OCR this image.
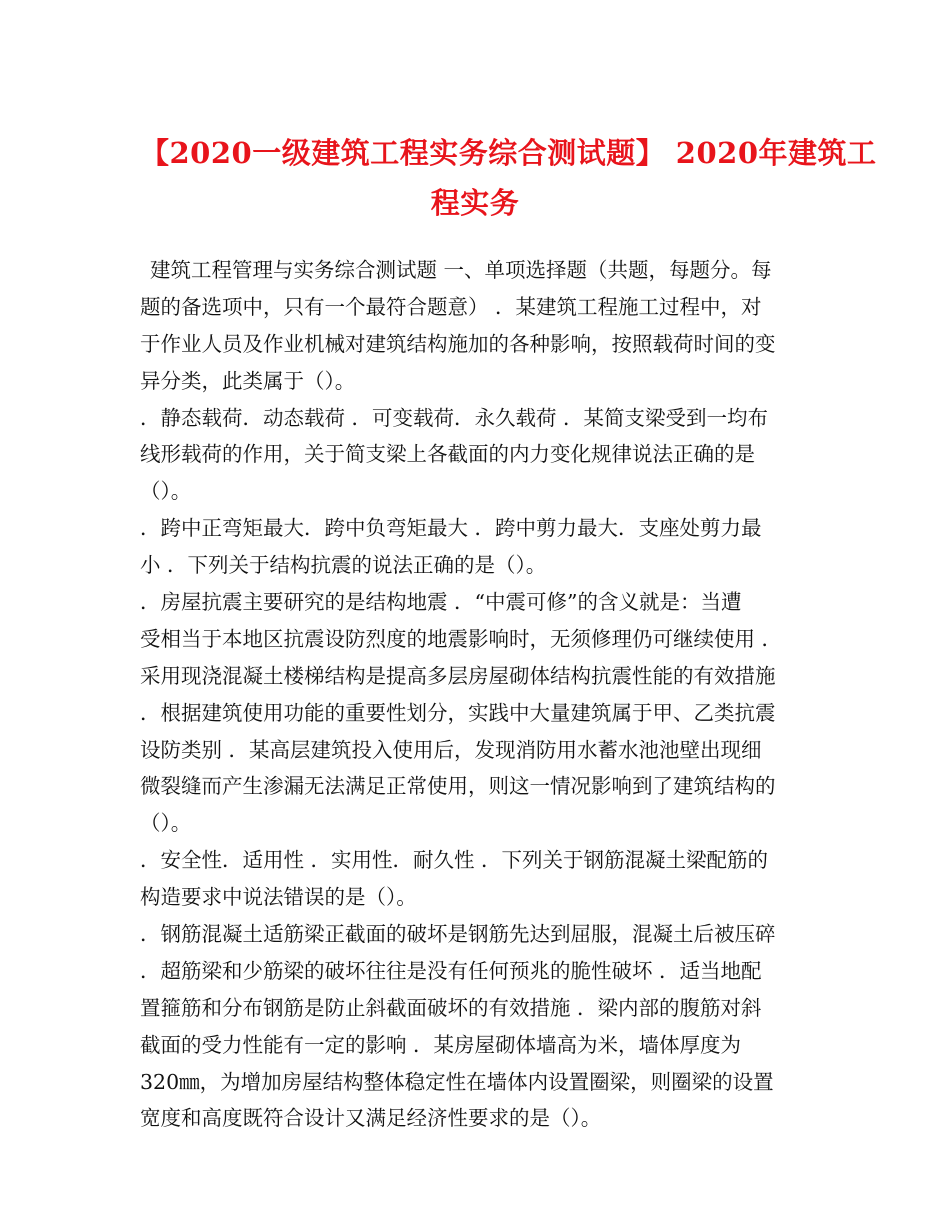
【2020一级建筑工程实务综合测试题】 2020年建筑工
程实务
建筑工程管理与实务综合测试题 一、单项选择题（共题，每题分。每
题的备选项中，只有一个最符合题意） ．某建筑工程施工过程中，对
于作业人员及作业机械对建筑结构施加的各种影响，按照载荷时间的变
异分类，此类属于（）。
．静态载荷．动态载荷 ．可变载荷．永久载荷 ．某简支梁受到一均布
线形载荷的作用，关于简支梁上各截面的内力变化规律说法正确的是
（）。
．跨中正弯矩最大．跨中负弯矩最大 ．跨中剪力最大．支座处剪力最
小 ．下列关于结构抗震的说法正确的是（）。
．房屋抗震主要研究的是结构地震 ．“中震可修”的含义就是：当遭
受相当于本地区抗震设防烈度的地震影响时，无须修理仍可继续使用 ．
采用现浇混凝土楼梯结构是提高多层房屋砌体结构抗震性能的有效措施
．根据建筑使用功能的重要性划分，实践中大量建筑属于甲、乙类抗震
设防类别 ．某高层建筑投入使用后，发现消防用水蓄水池池壁出现细
微裂缝而产生渗漏无法满足正常使用，则这一情况影响到了建筑结构的
（）。
．安全性．适用性 ．实用性．耐久性 ．下列关于钢筋混凝土梁配筋的
构造要求中说法错误的是（）。
．钢筋混凝土适筋梁正截面的破坏是钢筋先达到屈服，混凝土后被压碎
．超筋梁和少筋梁的破坏往往是没有任何预兆的脆性破坏 ．适当地配
置箍筋和分布钢筋是防止斜截面破坏的有效措施 ．梁内部的腹筋对斜
截面的受力性能有一定的影响 ．某房屋砌体墙高为米，墙体厚度为
320㎜，为增加房屋结构整体稳定性在墙体内设置圈梁，则圈梁的设置
宽度和高度既符合设计又满足经济性要求的是（）。
